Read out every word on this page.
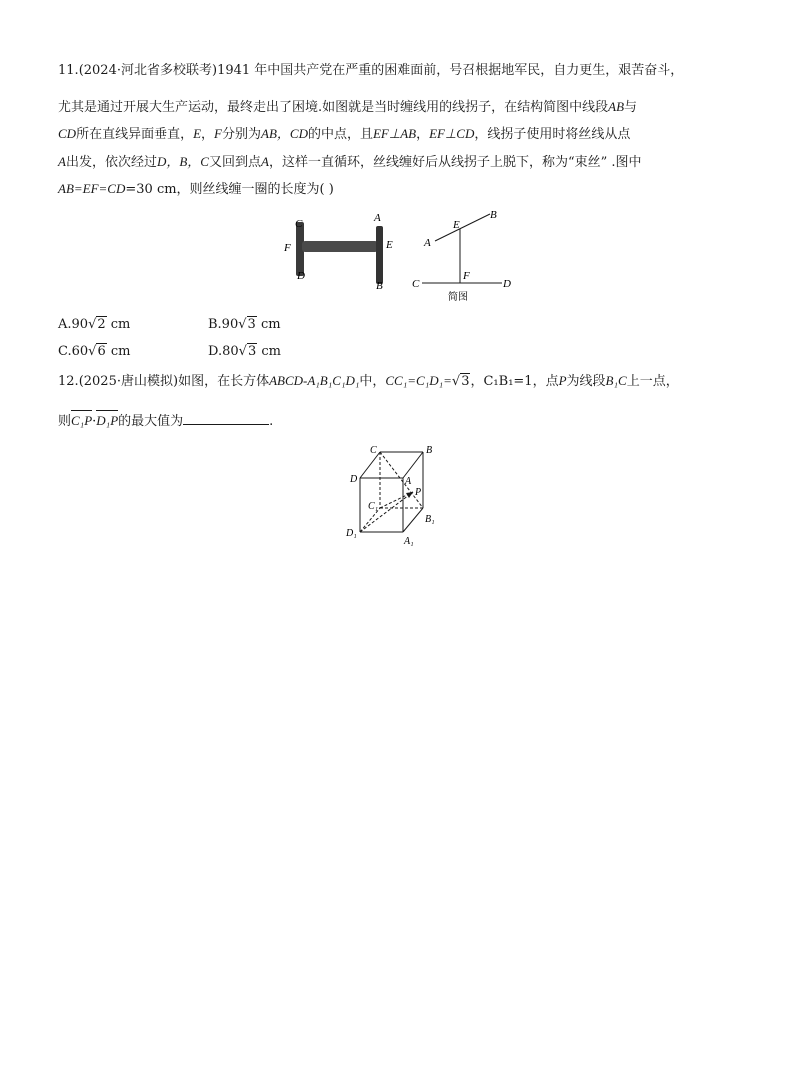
11.(2024·河北省多校联考)1941 年中国共产党在严重的困难面前，号召根据地军民，自力更生，艰苦奋斗，
尤其是通过开展大生产运动，最终走出了困境.如图就是当时缠线用的线拐子，在结构简图中线段AB与
CD所在直线异面垂直，E，F分别为AB，CD的中点，且EF⊥AB，EF⊥CD，线拐子使用时将丝线从点
A出发，依次经过D，B，C又回到点A，这样一直循环，丝线缠好后从线拐子上脱下，称为“束丝” .图中
AB=EF=CD=30 cm，则丝线缠一圈的长度为( )
C
F
D
A
E
B
E
B
A
F
C	D
简图
A.90√2 cm	B.90√3 cm
C.60√6 cm	D.80√3 cm
12.(2025·唐山模拟)如图，在长方体ABCD-A₁B₁C₁D₁中，CC₁=C₁D₁=√3，C₁B₁=1，点P为线段B₁C上一点，
则C₁P·D₁P的最大值为	.
C	B
D	A
C₁
P
B₁
D₁
A₁
